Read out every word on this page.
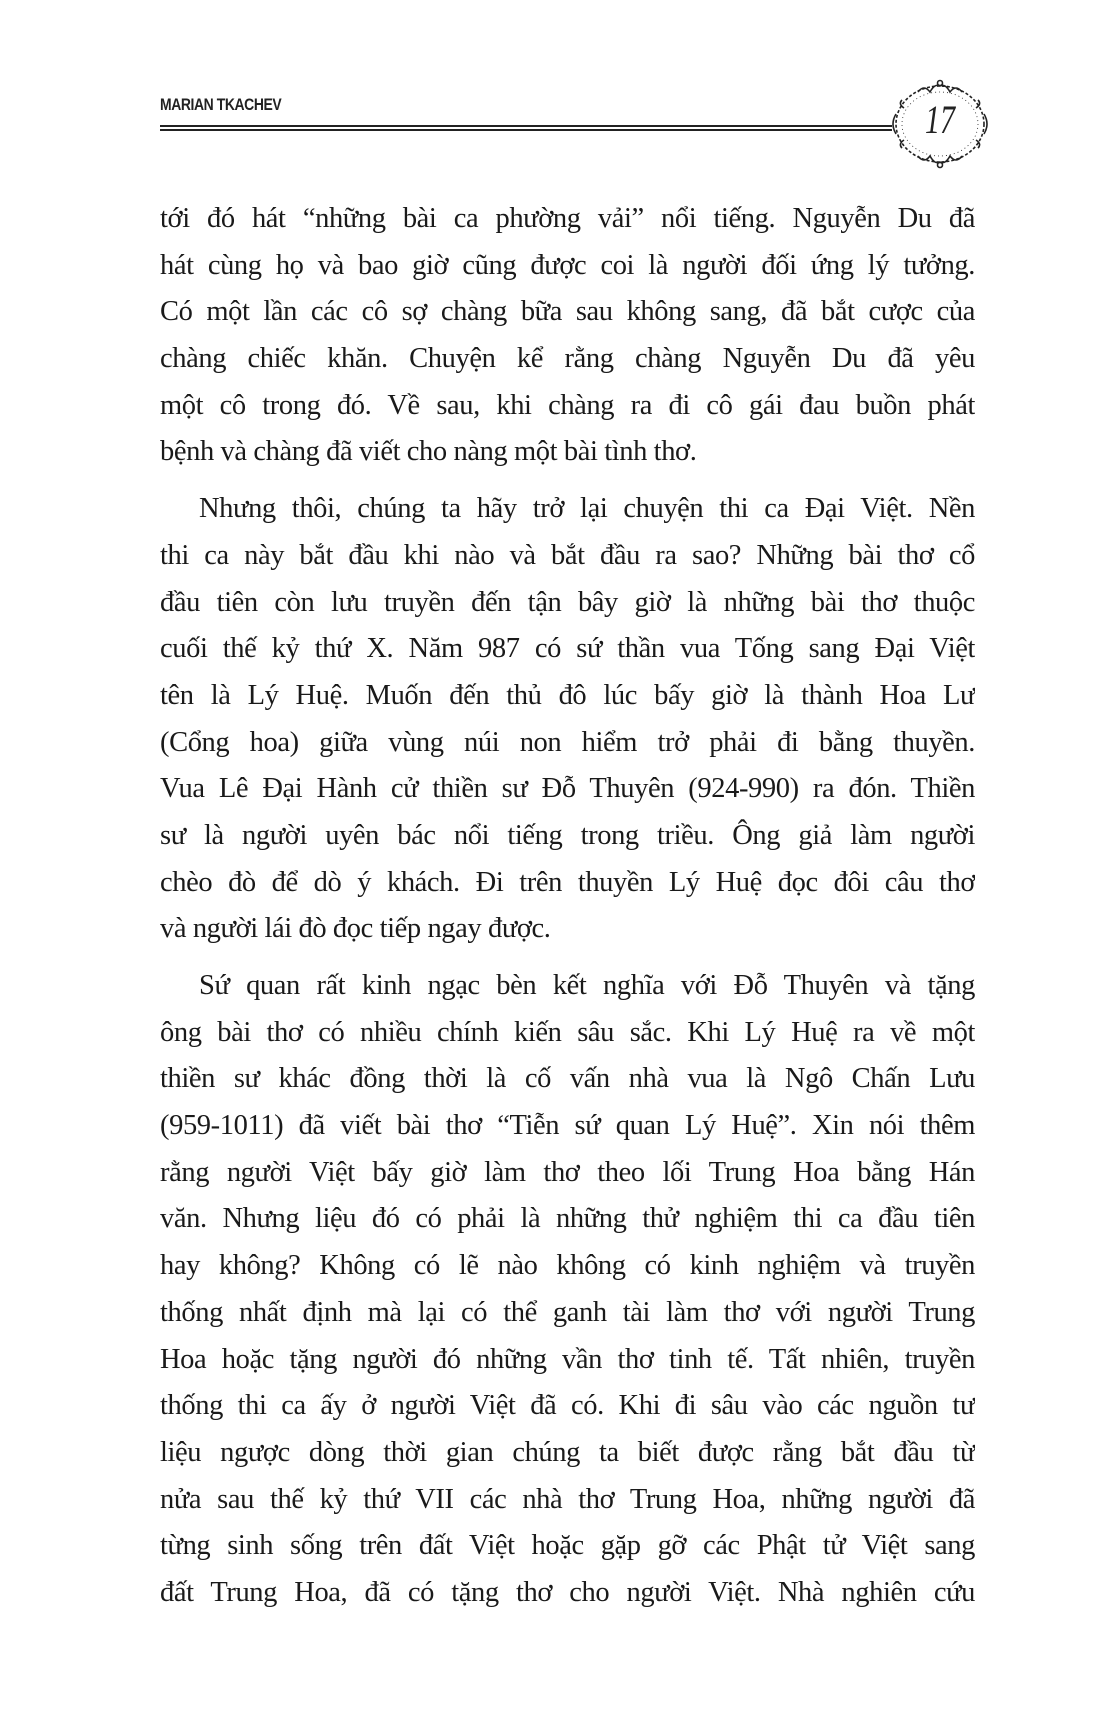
MARIAN TKACHEV	17
tới đó hát “những bài ca phường vải” nổi tiếng. Nguyễn Du đã
hát cùng họ và bao giờ cũng được coi là người đối ứng lý tưởng.
Có một lần các cô sợ chàng bữa sau không sang, đã bắt cược của
chàng chiếc khăn. Chuyện kể rằng chàng Nguyễn Du đã yêu
một cô trong đó. Về sau, khi chàng ra đi cô gái đau buồn phát
bệnh và chàng đã viết cho nàng một bài tình thơ.
Nhưng thôi, chúng ta hãy trở lại chuyện thi ca Đại Việt. Nền
thi ca này bắt đầu khi nào và bắt đầu ra sao? Những bài thơ cổ
đầu tiên còn lưu truyền đến tận bây giờ là những bài thơ thuộc
cuối thế kỷ thứ X. Năm 987 có sứ thần vua Tống sang Đại Việt
tên là Lý Huệ. Muốn đến thủ đô lúc bấy giờ là thành Hoa Lư
(Cổng hoa) giữa vùng núi non hiểm trở phải đi bằng thuyền.
Vua Lê Đại Hành cử thiền sư Đỗ Thuyên (924-990) ra đón. Thiền
sư là người uyên bác nổi tiếng trong triều. Ông giả làm người
chèo đò để dò ý khách. Đi trên thuyền Lý Huệ đọc đôi câu thơ
và người lái đò đọc tiếp ngay được.
Sứ quan rất kinh ngạc bèn kết nghĩa với Đỗ Thuyên và tặng
ông bài thơ có nhiều chính kiến sâu sắc. Khi Lý Huệ ra về một
thiền sư khác đồng thời là cố vấn nhà vua là Ngô Chấn Lưu
(959-1011) đã viết bài thơ “Tiễn sứ quan Lý Huệ”. Xin nói thêm
rằng người Việt bấy giờ làm thơ theo lối Trung Hoa bằng Hán
văn. Nhưng liệu đó có phải là những thử nghiệm thi ca đầu tiên
hay không? Không có lẽ nào không có kinh nghiệm và truyền
thống nhất định mà lại có thể ganh tài làm thơ với người Trung
Hoa hoặc tặng người đó những vần thơ tinh tế. Tất nhiên, truyền
thống thi ca ấy ở người Việt đã có. Khi đi sâu vào các nguồn tư
liệu ngược dòng thời gian chúng ta biết được rằng bắt đầu từ
nửa sau thế kỷ thứ VII các nhà thơ Trung Hoa, những người đã
từng sinh sống trên đất Việt hoặc gặp gỡ các Phật tử Việt sang
đất Trung Hoa, đã có tặng thơ cho người Việt. Nhà nghiên cứu
